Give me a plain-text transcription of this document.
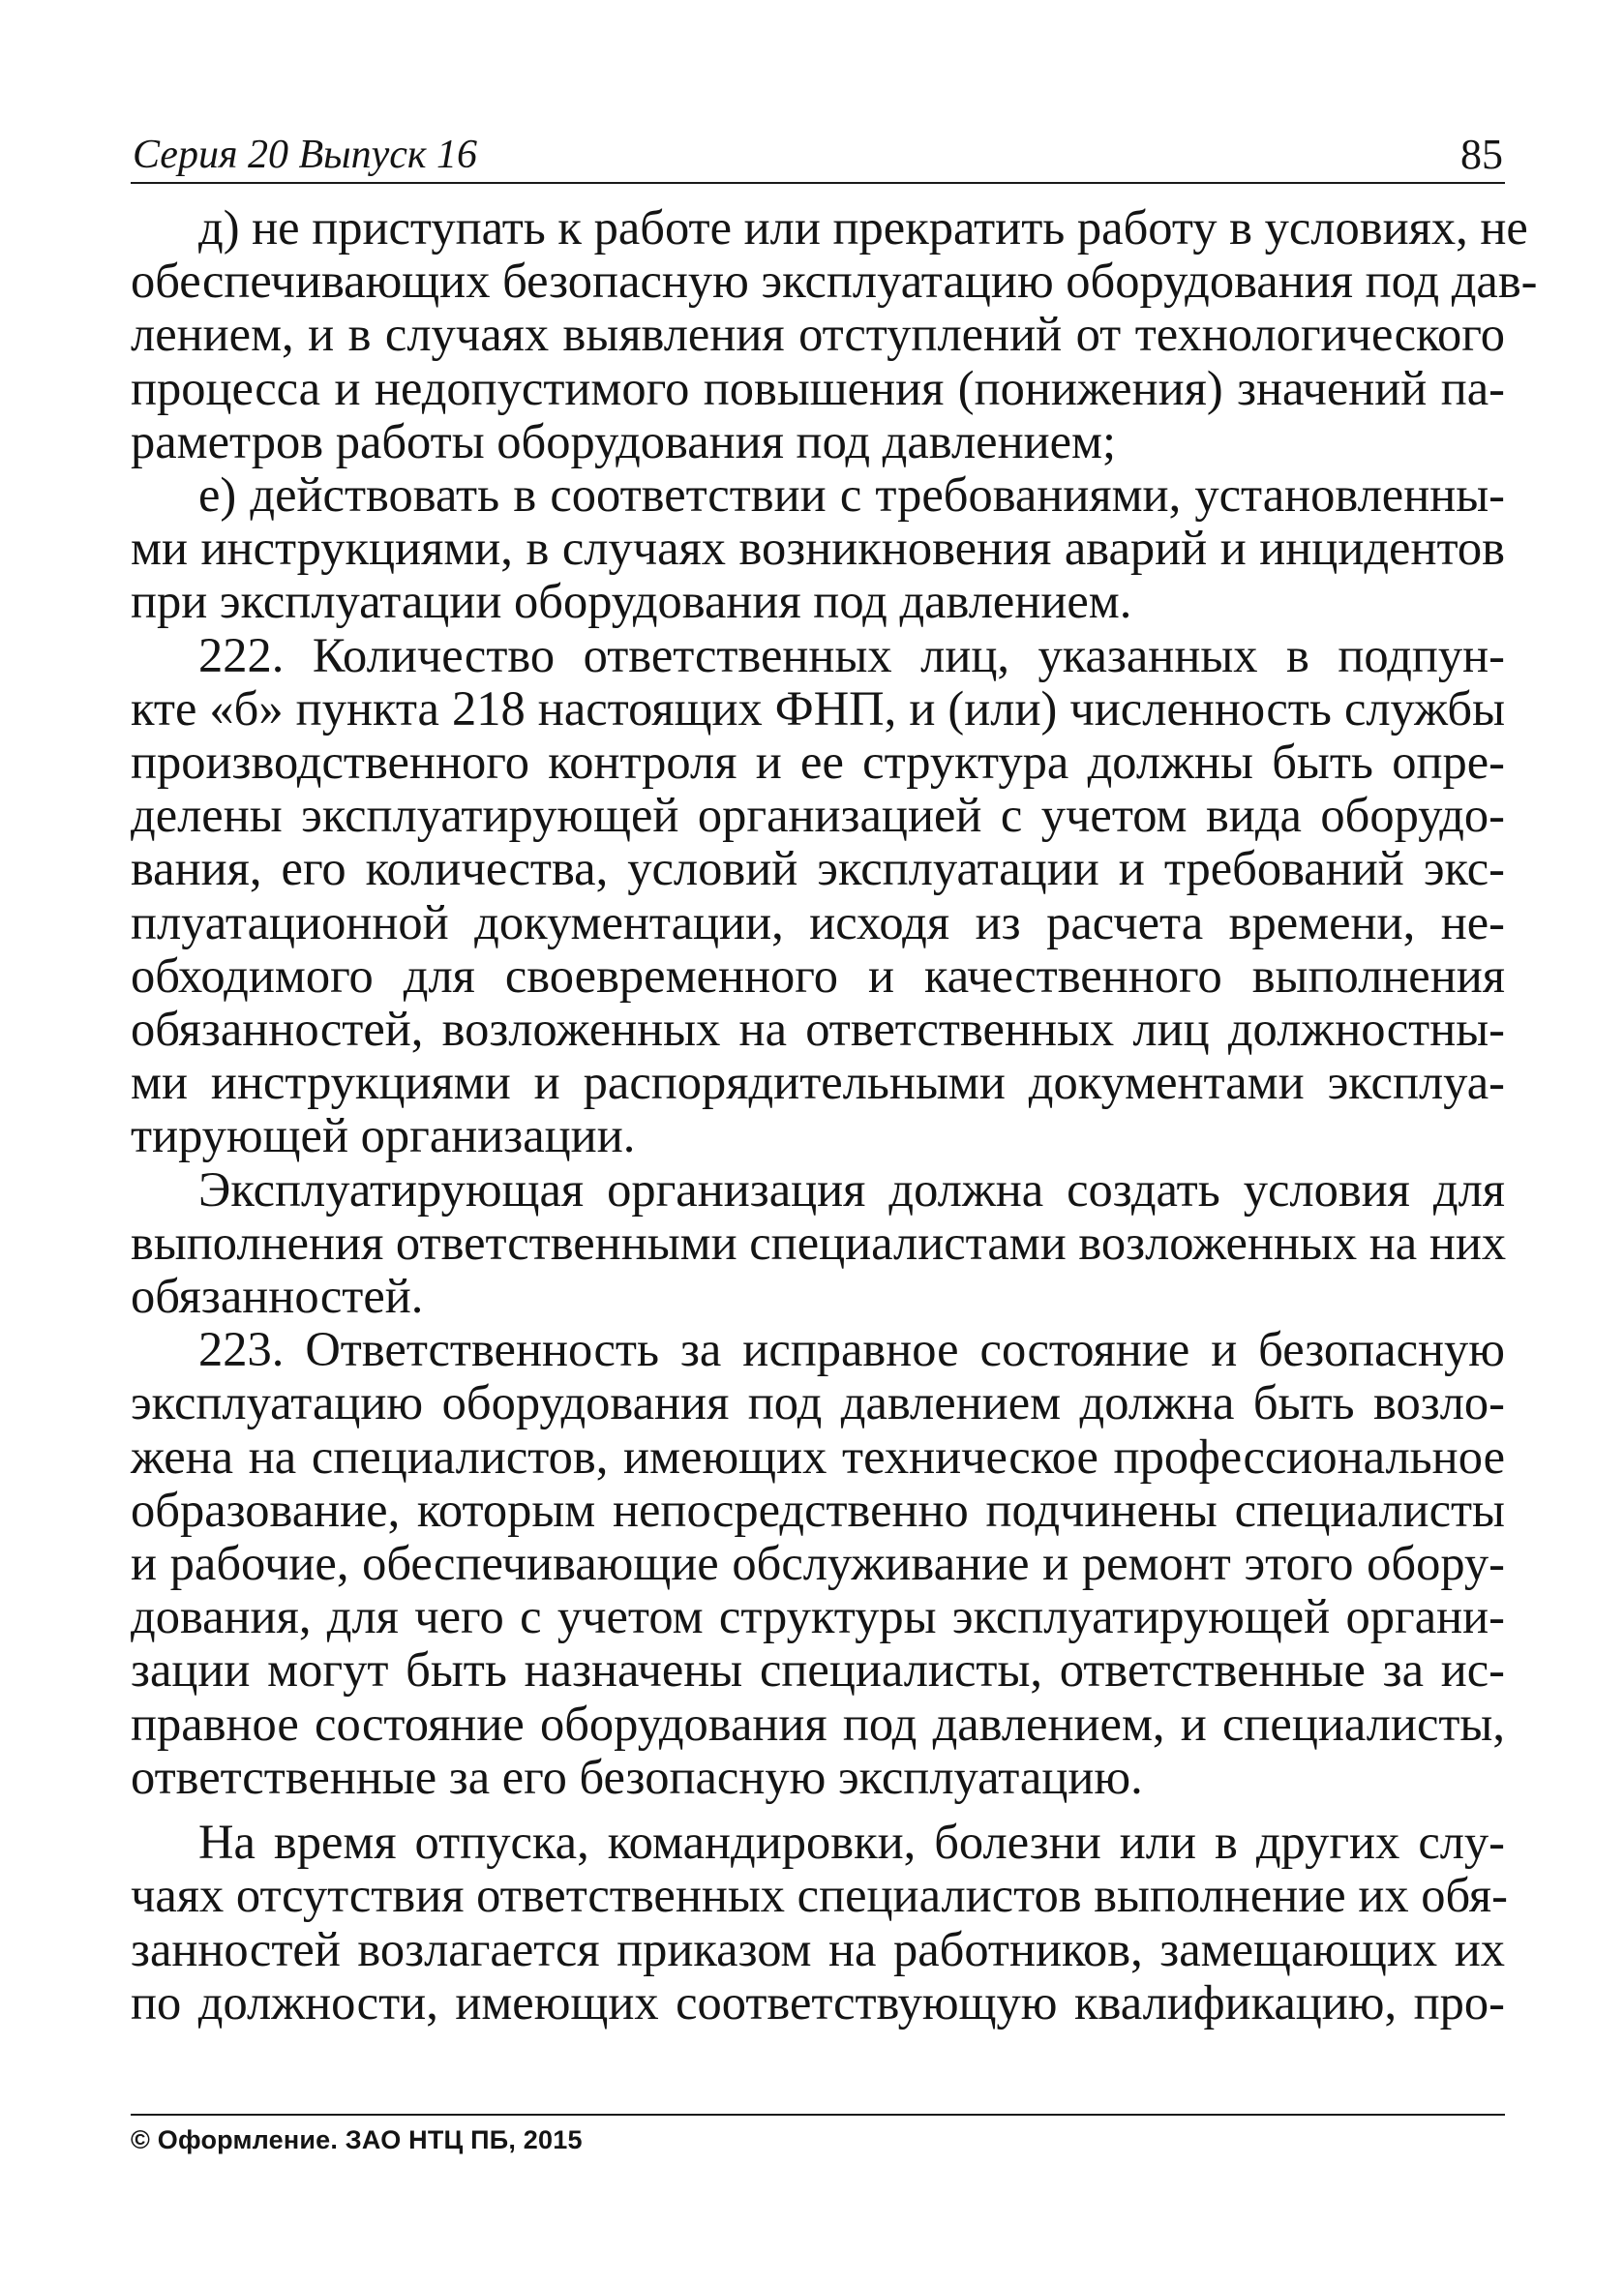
Серия 20 Выпуск 16	85

д) не приступать к работе или прекратить работу в условиях, не
обеспечивающих безопасную эксплуатацию оборудования под дав-
лением, и в случаях выявления отступлений от технологического
процесса и недопустимого повышения (понижения) значений па-
раметров работы оборудования под давлением;

е) действовать в соответствии с требованиями, установленны-
ми инструкциями, в случаях возникновения аварий и инцидентов
при эксплуатации оборудования под давлением.

222. Количество ответственных лиц, указанных в подпун-
кте «б» пункта 218 настоящих ФНП, и (или) численность службы
производственного контроля и ее структура должны быть опре-
делены эксплуатирующей организацией с учетом вида оборудо-
вания, его количества, условий эксплуатации и требований экс-
плуатационной документации, исходя из расчета времени, не-
обходимого для своевременного и качественного выполнения
обязанностей, возложенных на ответственных лиц должностны-
ми инструкциями и распорядительными документами эксплуа-
тирующей организации.

Эксплуатирующая организация должна создать условия для
выполнения ответственными специалистами возложенных на них
обязанностей.

223. Ответственность за исправное состояние и безопасную
эксплуатацию оборудования под давлением должна быть возло-
жена на специалистов, имеющих техническое профессиональное
образование, которым непосредственно подчинены специалисты
и рабочие, обеспечивающие обслуживание и ремонт этого обору-
дования, для чего с учетом структуры эксплуатирующей органи-
зации могут быть назначены специалисты, ответственные за ис-
правное состояние оборудования под давлением, и специалисты,
ответственные за его безопасную эксплуатацию.

На время отпуска, командировки, болезни или в других слу-
чаях отсутствия ответственных специалистов выполнение их обя-
занностей возлагается приказом на работников, замещающих их
по должности, имеющих соответствующую квалификацию, про-

© Оформление. ЗАО НТЦ ПБ, 2015
